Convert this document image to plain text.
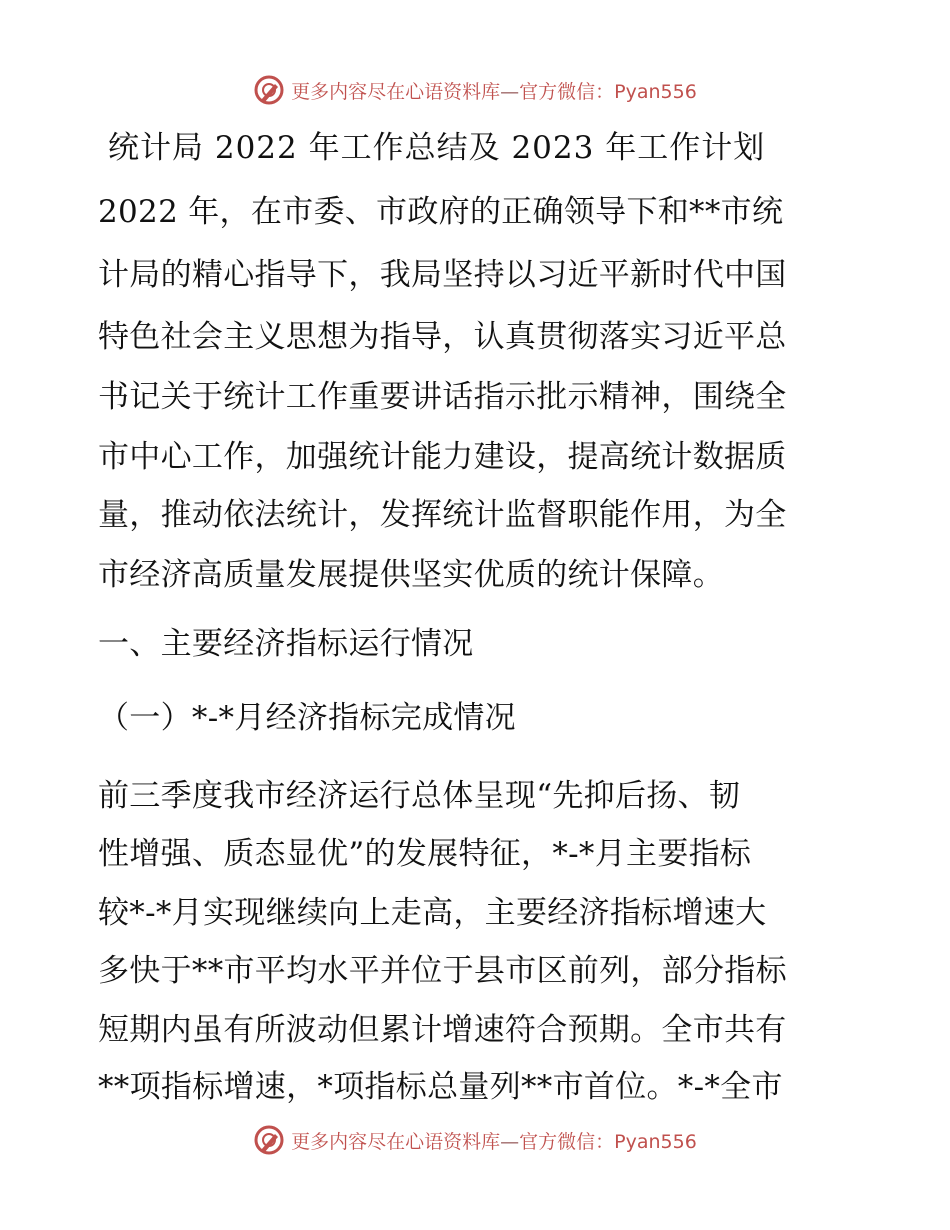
更多内容尽在心语资料库—官方微信：Pyan556
统计局 2022 年工作总结及 2023 年工作计划
2022 年，在市委、市政府的正确领导下和**市统
计局的精心指导下，我局坚持以习近平新时代中国
特色社会主义思想为指导，认真贯彻落实习近平总
书记关于统计工作重要讲话指示批示精神，围绕全
市中心工作，加强统计能力建设，提高统计数据质
量，推动依法统计，发挥统计监督职能作用，为全
市经济高质量发展提供坚实优质的统计保障。
一、主要经济指标运行情况
（一）*-*月经济指标完成情况
前三季度我市经济运行总体呈现“先抑后扬、韧
性增强、质态显优”的发展特征，*-*月主要指标
较*-*月实现继续向上走高，主要经济指标增速大
多快于**市平均水平并位于县市区前列，部分指标
短期内虽有所波动但累计增速符合预期。全市共有
**项指标增速，*项指标总量列**市首位。*-*全市
更多内容尽在心语资料库—官方微信：Pyan556
